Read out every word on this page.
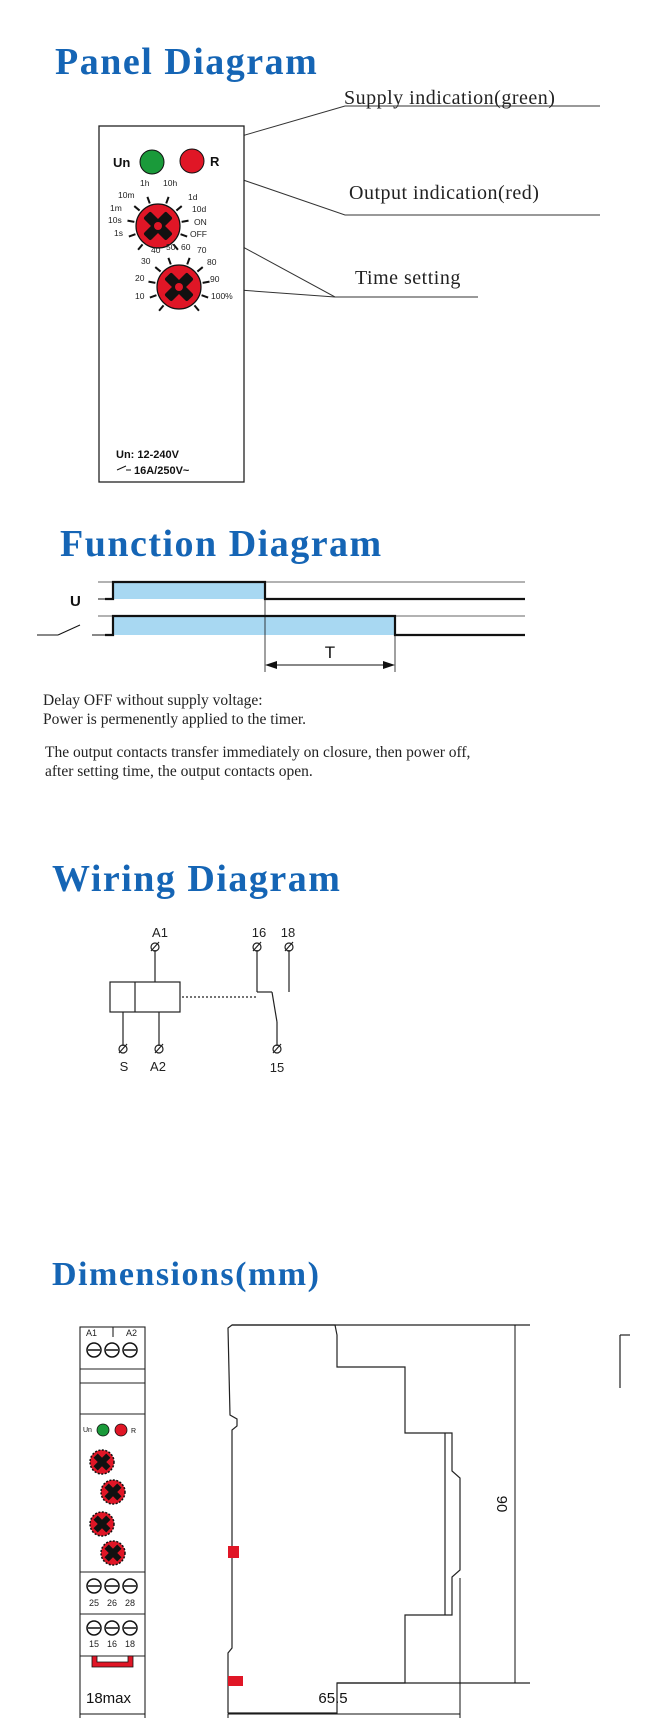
Panel Diagram
Un	R
1h 10h
10m	1d
1m	10d
10s	ON
1s	OFF
40 50 60 70
30	80
20	90
10	100%
Un: 12-240V
16A/250V~
Supply indication(green)
Output indication(red)
Time setting
Function Diagram
T
U
Delay OFF without supply voltage:
Power is permenently applied to the timer.
The output contacts transfer immediately on closure, then power off,
after setting time, the output contacts open.
Wiring Diagram
A1	16 18
S A2	15
Dimensions(mm)
A1	A2
Un	R
25 26 28
15 16 18
18max
90
65.5
